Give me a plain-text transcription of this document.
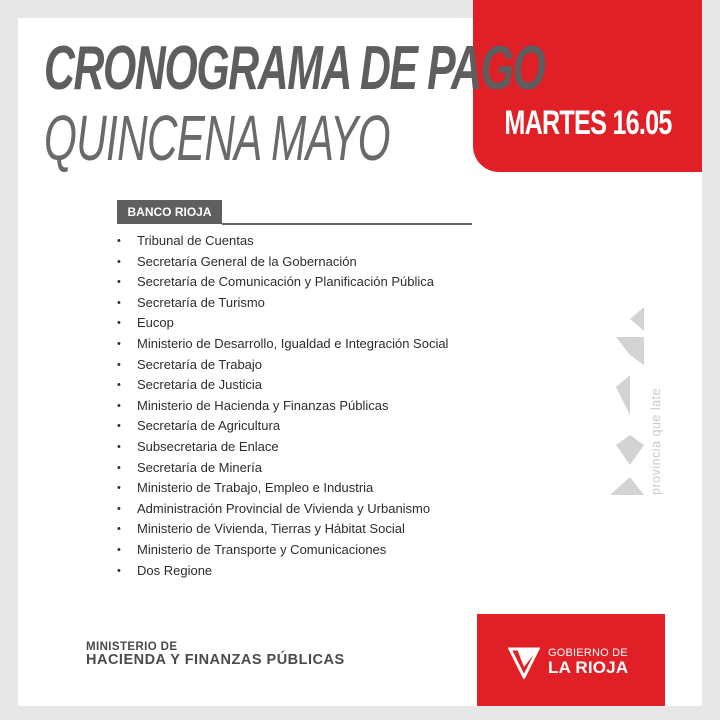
MARTES 16.05
CRONOGRAMA DE PAGO
QUINCENA MAYO
BANCO RIOJA
• Tribunal de Cuentas
• Secretaría General de la Gobernación
• Secretaría de Comunicación y Planificación Pública
• Secretaría de Turismo
• Eucop
• Ministerio de Desarrollo, Igualdad e Integración Social
• Secretaría de Trabajo
• Secretaría de Justicia
• Ministerio de Hacienda y Finanzas Públicas
• Secretaría de Agricultura
• Subsecretaria de Enlace
• Secretaría de Minería
• Ministerio de Trabajo, Empleo e Industria
• Administración Provincial de Vivienda y Urbanismo
• Ministerio de Vivienda, Tierras y Hábitat Social
• Ministerio de Transporte y Comunicaciones
• Dos Regione
provincia que late
MINISTERIO DE
HACIENDA Y FINANZAS PÚBLICAS	GOBIERNO DE
LA RIOJA
